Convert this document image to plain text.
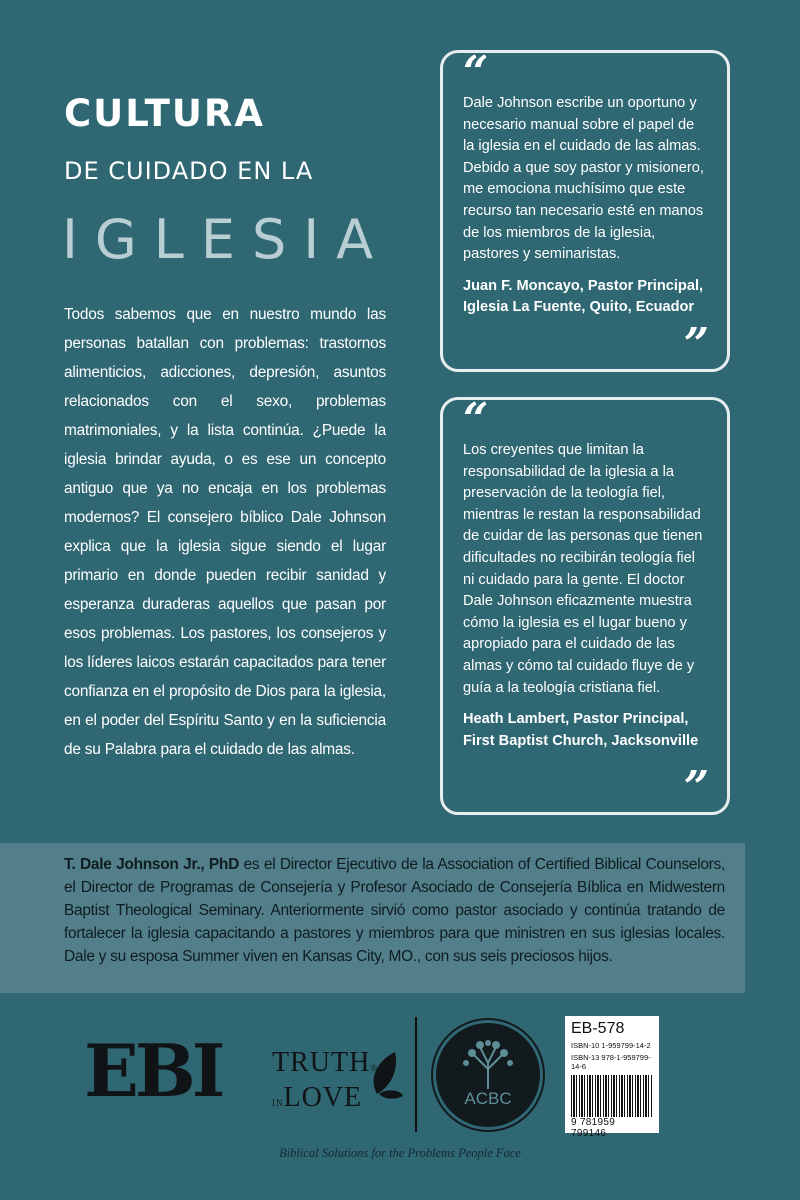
CULTURA
DE CUIDADO EN LA
IGLESIA

Todos sabemos que en nuestro mundo las personas batallan con problemas: trastornos alimenticios, adicciones, depresión, asuntos relacionados con el sexo, problemas matrimoniales, y la lista continúa. ¿Puede la iglesia brindar ayuda, o es ese un concepto antiguo que ya no encaja en los problemas modernos? El consejero bíblico Dale Johnson explica que la iglesia sigue siendo el lugar primario en donde pueden recibir sanidad y esperanza duraderas aquellos que pasan por esos problemas. Los pastores, los consejeros y los líderes laicos estarán capacitados para tener confianza en el propósito de Dios para la iglesia, en el poder del Espíritu Santo y en la suficiencia de su Palabra para el cuidado de las almas.

“
Dale Johnson escribe un oportuno y necesario manual sobre el papel de la iglesia en el cuidado de las almas. Debido a que soy pastor y misionero, me emociona muchísimo que este recurso tan necesario esté en manos de los miembros de la iglesia, pastores y seminaristas.
Juan F. Moncayo, Pastor Principal, Iglesia La Fuente, Quito, Ecuador
”
“
Los creyentes que limitan la responsabilidad de la iglesia a la preservación de la teología fiel, mientras le restan la responsabilidad de cuidar de las personas que tienen dificultades no recibirán teología fiel ni cuidado para la gente. El doctor Dale Johnson eficazmente muestra cómo la iglesia es el lugar bueno y apropiado para el cuidado de las almas y cómo tal cuidado fluye de y guía a la teología cristiana fiel.
Heath Lambert, Pastor Principal, First Baptist Church, Jacksonville
”
T. Dale Johnson Jr., PhD es el Director Ejecutivo de la Association of Certified Biblical Counselors, el Director de Programas de Consejería y Profesor Asociado de Consejería Bíblica en Midwestern Baptist Theological Seminary. Anteriormente sirvió como pastor asociado y continúa tratando de fortalecer la iglesia capacitando a pastores y miembros para que ministren en sus iglesias locales. Dale y su esposa Summer viven en Kansas City, MO., con sus seis preciosos hijos.
EBI TRUTH®
INLOVE	ACBC
EB-578
ISBN-10 1-959799-14-2
ISBN-13 978-1-959799-14-6
9 781959 799146
Biblical Solutions for the Problems People Face
